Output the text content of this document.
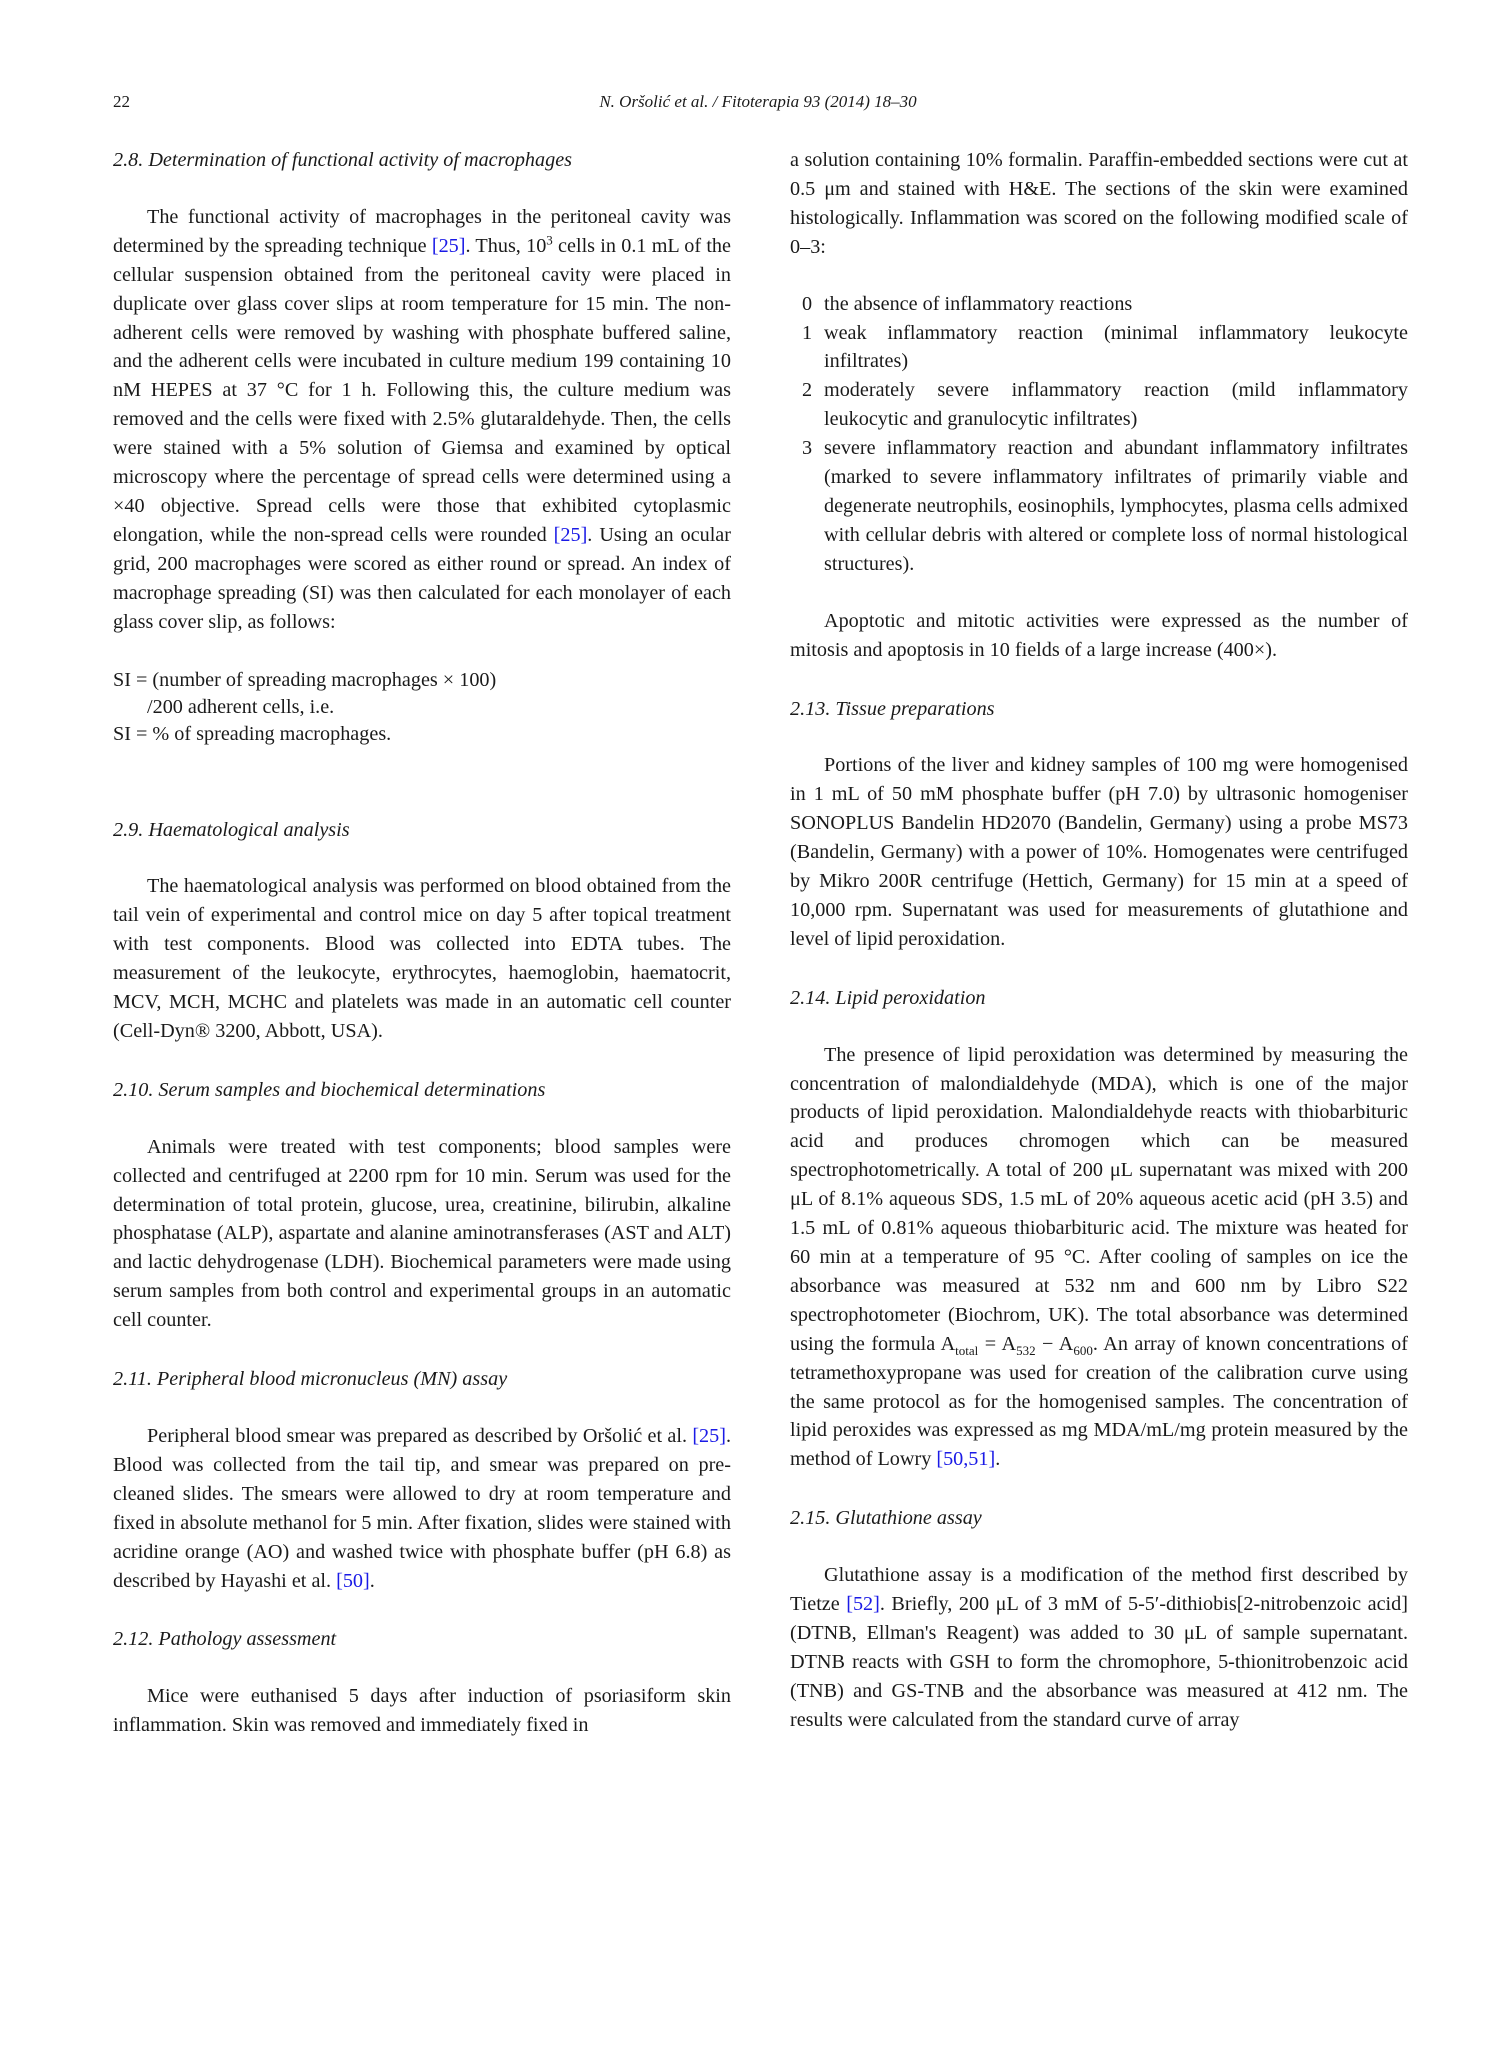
22	N. Oršolić et al. / Fitoterapia 93 (2014) 18–30
2.8. Determination of functional activity of macrophages

The functional activity of macrophages in the peritoneal cavity was determined by the spreading technique [25]. Thus, $10^3$ cells in 0.1 mL of the cellular suspension obtained from the peritoneal cavity were placed in duplicate over glass cover slips at room temperature for 15 min. The non-adherent cells were removed by washing with phosphate buffered saline, and the adherent cells were incubated in culture medium 199 containing 10 nM HEPES at 37 °C for 1 h. Following this, the culture medium was removed and the cells were fixed with 2.5% glutaraldehyde. Then, the cells were stained with a 5% solution of Giemsa and examined by optical microscopy where the percentage of spread cells were determined using a ×40 objective. Spread cells were those that exhibited cytoplasmic elongation, while the non-spread cells were rounded [25]. Using an ocular grid, 200 macrophages were scored as either round or spread. An index of macrophage spreading (SI) was then calculated for each monolayer of each glass cover slip, as follows:

SI = (number of spreading macrophages × 100)
/200 adherent cells, i.e.
SI = % of spreading macrophages.
2.9. Haematological analysis

The haematological analysis was performed on blood obtained from the tail vein of experimental and control mice on day 5 after topical treatment with test components. Blood was collected into EDTA tubes. The measurement of the leukocyte, erythrocytes, haemoglobin, haematocrit, MCV, MCH, MCHC and platelets was made in an automatic cell counter (Cell-Dyn® 3200, Abbott, USA).

2.10. Serum samples and biochemical determinations

Animals were treated with test components; blood samples were collected and centrifuged at 2200 rpm for 10 min. Serum was used for the determination of total protein, glucose, urea, creatinine, bilirubin, alkaline phosphatase (ALP), aspartate and alanine aminotransferases (AST and ALT) and lactic dehydrogenase (LDH). Biochemical parameters were made using serum samples from both control and experimental groups in an automatic cell counter.

2.11. Peripheral blood micronucleus (MN) assay

Peripheral blood smear was prepared as described by Oršolić et al. [25]. Blood was collected from the tail tip, and smear was prepared on pre-cleaned slides. The smears were allowed to dry at room temperature and fixed in absolute methanol for 5 min. After fixation, slides were stained with acridine orange (AO) and washed twice with phosphate buffer (pH 6.8) as described by Hayashi et al. [50].

2.12. Pathology assessment

Mice were euthanised 5 days after induction of psoriasiform skin inflammation. Skin was removed and immediately fixed in

a solution containing 10% formalin. Paraffin-embedded sections were cut at 0.5 μm and stained with H&E. The sections of the skin were examined histologically. Inflammation was scored on the following modified scale of 0–3:

0 the absence of inflammatory reactions
1 weak inflammatory reaction (minimal inflammatory leukocyte infiltrates)
2 moderately severe inflammatory reaction (mild inflammatory leukocytic and granulocytic infiltrates)
3 severe inflammatory reaction and abundant inflammatory infiltrates (marked to severe inflammatory infiltrates of primarily viable and degenerate neutrophils, eosinophils, lymphocytes, plasma cells admixed with cellular debris with altered or complete loss of normal histological structures).

Apoptotic and mitotic activities were expressed as the number of mitosis and apoptosis in 10 fields of a large increase (400×).

2.13. Tissue preparations

Portions of the liver and kidney samples of 100 mg were homogenised in 1 mL of 50 mM phosphate buffer (pH 7.0) by ultrasonic homogeniser SONOPLUS Bandelin HD2070 (Bandelin, Germany) using a probe MS73 (Bandelin, Germany) with a power of 10%. Homogenates were centrifuged by Mikro 200R centrifuge (Hettich, Germany) for 15 min at a speed of 10,000 rpm. Supernatant was used for measurements of glutathione and level of lipid peroxidation.

2.14. Lipid peroxidation

The presence of lipid peroxidation was determined by measuring the concentration of malondialdehyde (MDA), which is one of the major products of lipid peroxidation. Malondialdehyde reacts with thiobarbituric acid and produces chromogen which can be measured spectrophotometrically. A total of 200 μL supernatant was mixed with 200 μL of 8.1% aqueous SDS, 1.5 mL of 20% aqueous acetic acid (pH 3.5) and 1.5 mL of 0.81% aqueous thiobarbituric acid. The mixture was heated for 60 min at a temperature of 95 °C. After cooling of samples on ice the absorbance was measured at 532 nm and 600 nm by Libro S22 spectrophotometer (Biochrom, UK). The total absorbance was determined using the formula $A_{total} = A_{532} - A_{600}$. An array of known concentrations of tetramethoxypropane was used for creation of the calibration curve using the same protocol as for the homogenised samples. The concentration of lipid peroxides was expressed as mg MDA/mL/mg protein measured by the method of Lowry [50,51].

2.15. Glutathione assay

Glutathione assay is a modification of the method first described by Tietze [52]. Briefly, 200 μL of 3 mM of 5-5′-dithiobis[2-nitrobenzoic acid] (DTNB, Ellman's Reagent) was added to 30 μL of sample supernatant. DTNB reacts with GSH to form the chromophore, 5-thionitrobenzoic acid (TNB) and GS-TNB and the absorbance was measured at 412 nm. The results were calculated from the standard curve of array
